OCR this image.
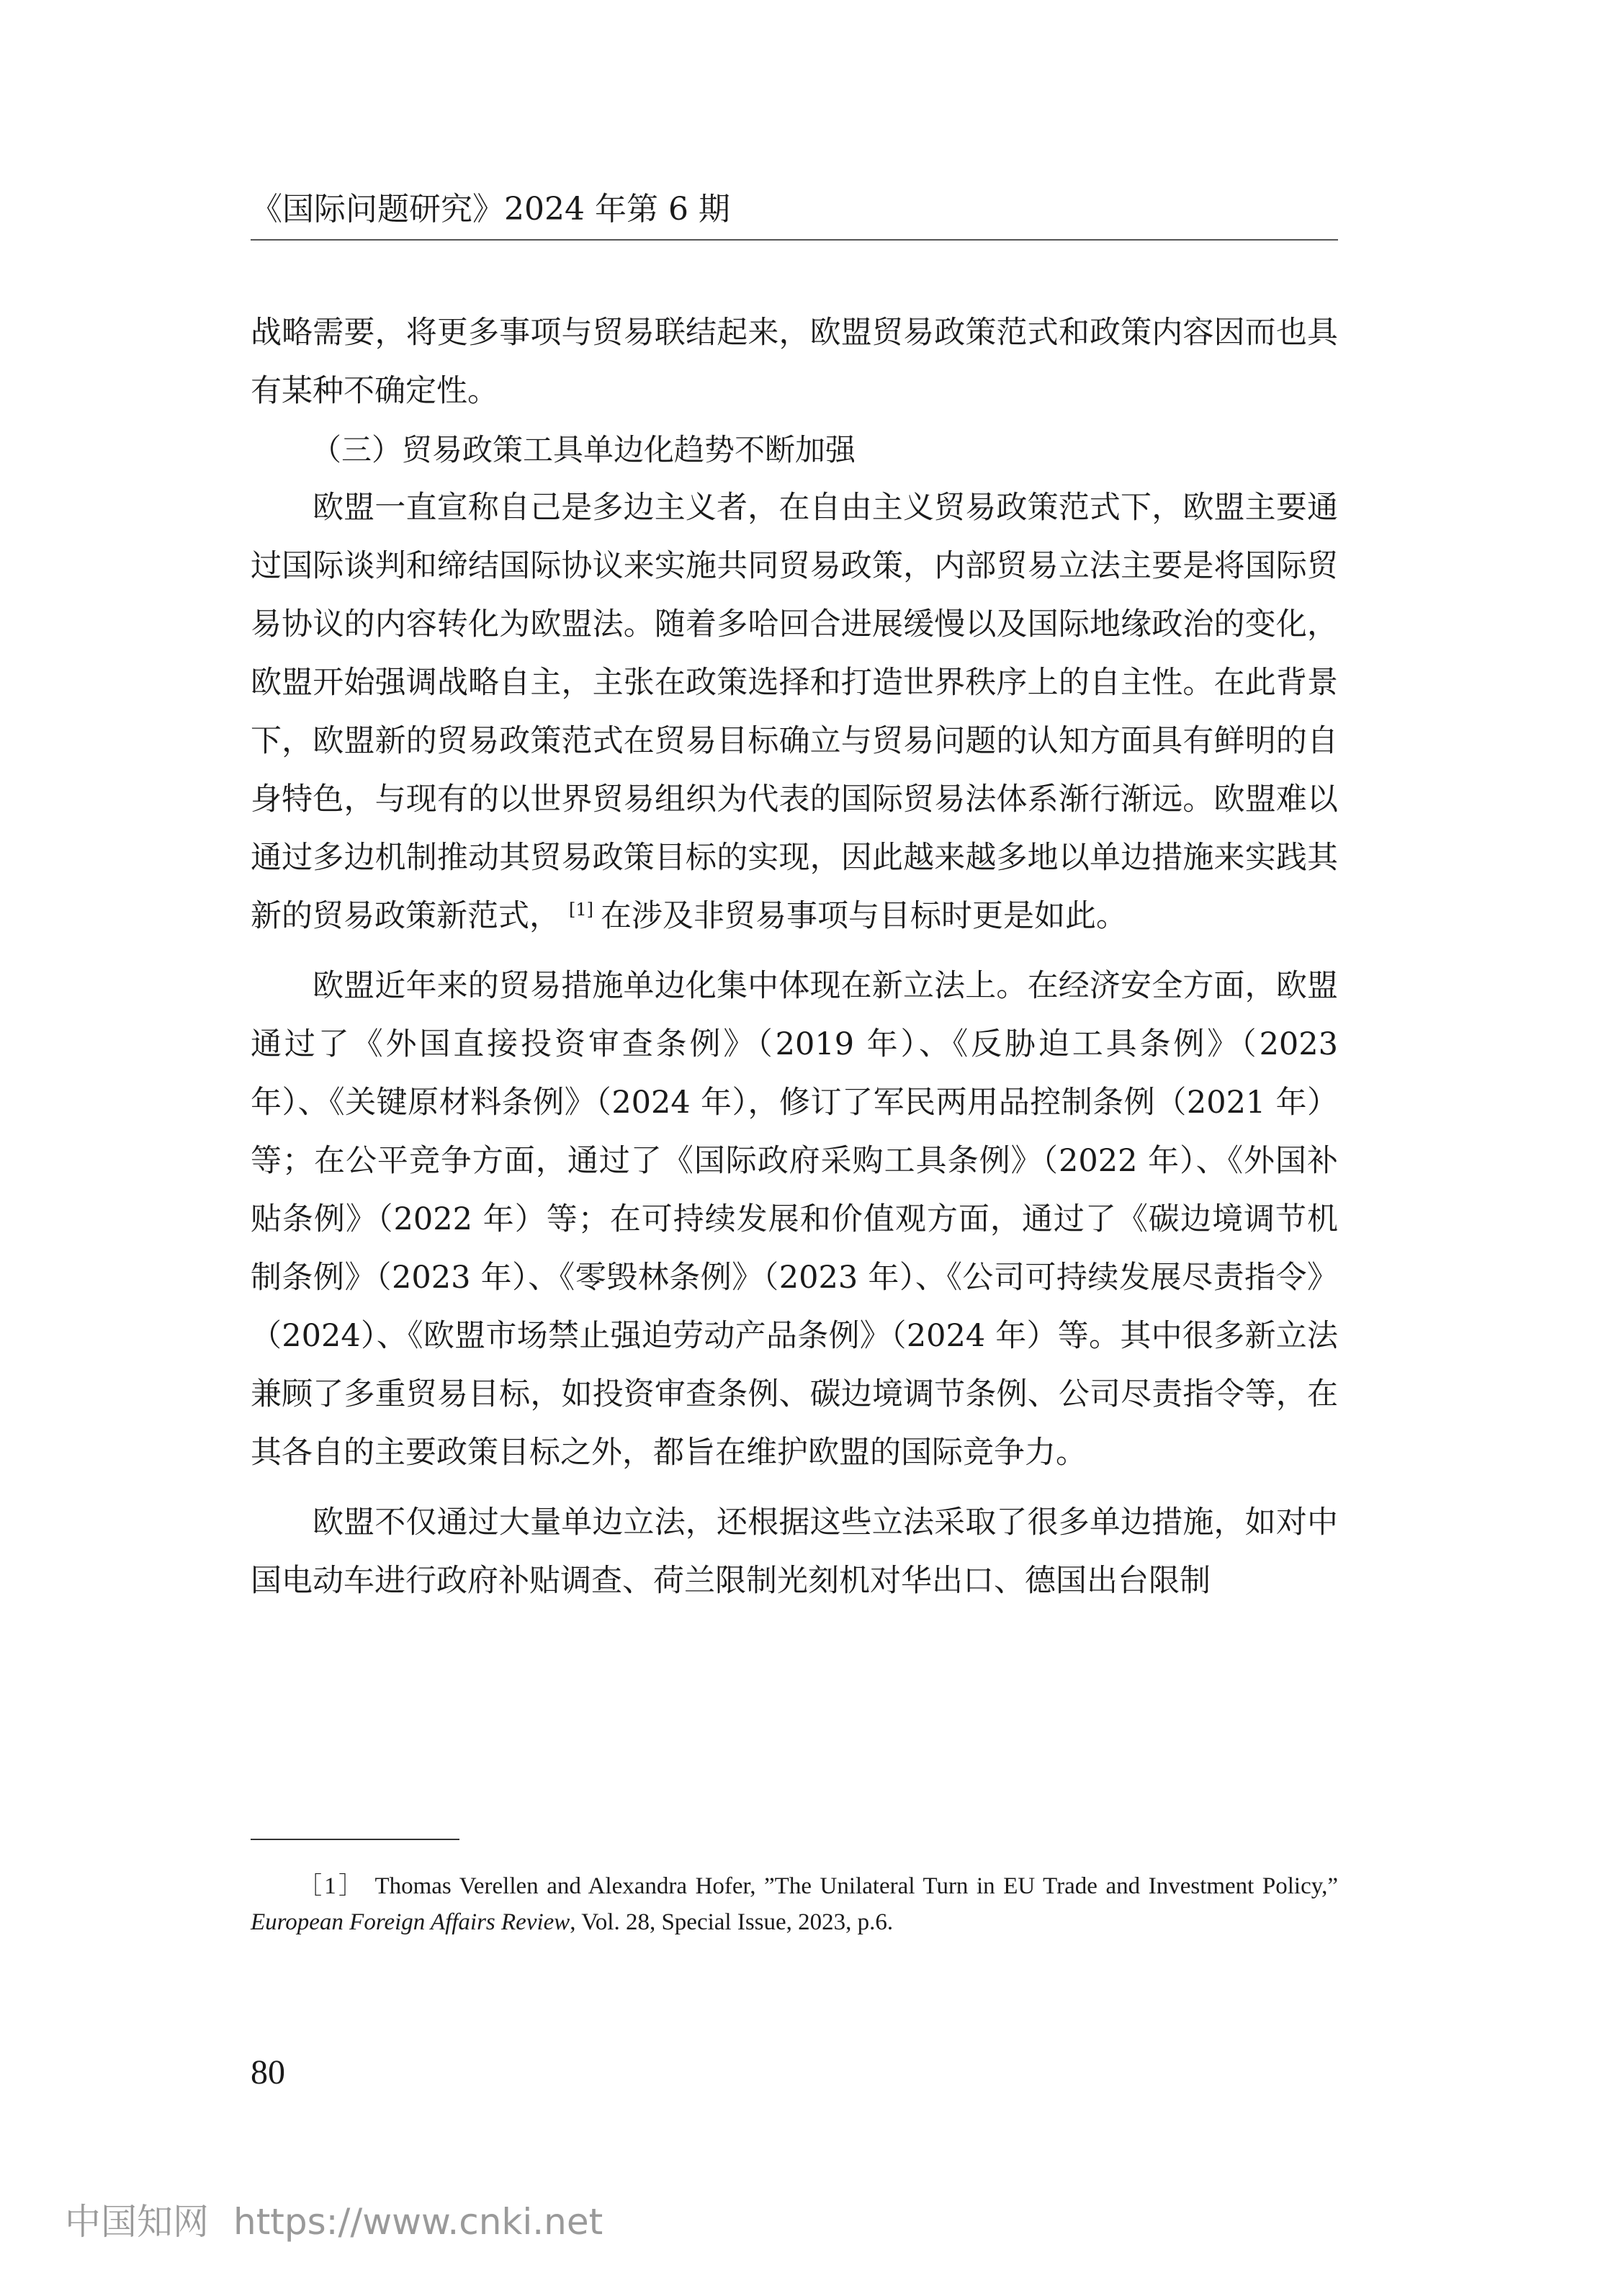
《国际问题研究》2024 年第 6 期

战略需要，将更多事项与贸易联结起来，欧盟贸易政策范式和政策内容因而也具有某种不确定性。

（三）贸易政策工具单边化趋势不断加强

欧盟一直宣称自己是多边主义者，在自由主义贸易政策范式下，欧盟主要通过国际谈判和缔结国际协议来实施共同贸易政策，内部贸易立法主要是将国际贸易协议的内容转化为欧盟法。随着多哈回合进展缓慢以及国际地缘政治的变化，欧盟开始强调战略自主，主张在政策选择和打造世界秩序上的自主性。在此背景下，欧盟新的贸易政策范式在贸易目标确立与贸易问题的认知方面具有鲜明的自身特色，与现有的以世界贸易组织为代表的国际贸易法体系渐行渐远。欧盟难以通过多边机制推动其贸易政策目标的实现，因此越来越多地以单边措施来实践其新的贸易政策新范式， [1] 在涉及非贸易事项与目标时更是如此。

欧盟近年来的贸易措施单边化集中体现在新立法上。在经济安全方面，欧盟通过了《外国直接投资审查条例》（2019 年）、《反胁迫工具条例》（2023 年）、《关键原材料条例》（2024 年），修订了军民两用品控制条例（2021 年）等；在公平竞争方面，通过了《国际政府采购工具条例》（2022 年）、《外国补贴条例》（2022 年）等；在可持续发展和价值观方面，通过了《碳边境调节机制条例》（2023 年）、《零毁林条例》（2023 年）、《公司可持续发展尽责指令》（2024）、《欧盟市场禁止强迫劳动产品条例》（2024 年）等。其中很多新立法兼顾了多重贸易目标，如投资审查条例、碳边境调节条例、公司尽责指令等，在其各自的主要政策目标之外，都旨在维护欧盟的国际竞争力。

欧盟不仅通过大量单边立法，还根据这些立法采取了很多单边措施，如对中国电动车进行政府补贴调查、荷兰限制光刻机对华出口、德国出台限制

［1］ Thomas Verellen and Alexandra Hofer, ”The Unilateral Turn in EU Trade and Investment Policy,” European Foreign Affairs Review, Vol. 28, Special Issue, 2023, p.6.
80
中国知网 https://www.cnki.net
